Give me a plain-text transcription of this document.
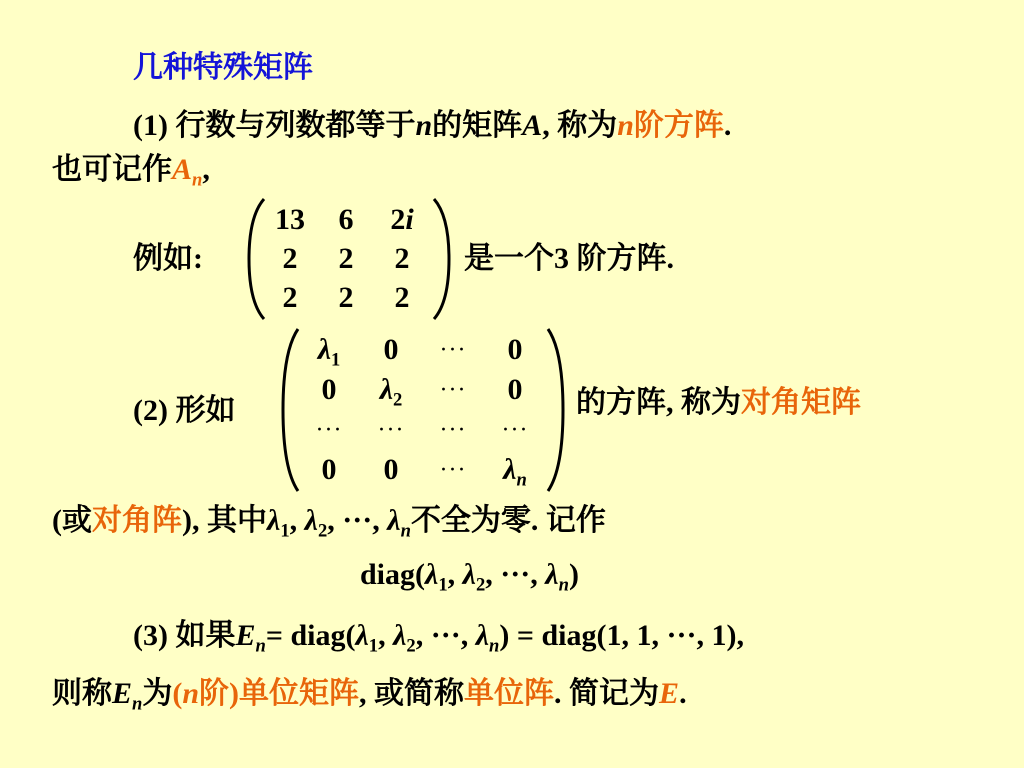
几种特殊矩阵
(1) 行数与列数都等于n的矩阵A, 称为n阶方阵.
也可记作$A_n$,
例如:
13 6 2i
2 2 2
2 2 2
是一个3 阶方阵.
(2) 形如
$\lambda_1$ 0 ··· 0
0 $\lambda_2$ ··· 0
··· ··· ··· ···
0 0 ··· $\lambda_n$
的方阵, 称为对角矩阵
(或对角阵), 其中$\lambda_1$, $\lambda_2$, ···, $\lambda_n$不全为零. 记作
$diag(\lambda_1$, $\lambda_2$, ···, $\lambda_n$)
(3) 如果$E_n=$ $diag(\lambda_1$, $\lambda_2$, ···, $\lambda_n$) = diag(1, 1, ···, 1),
则称$E_n$为(n阶)单位矩阵, 或简称单位阵. 简记为E.
